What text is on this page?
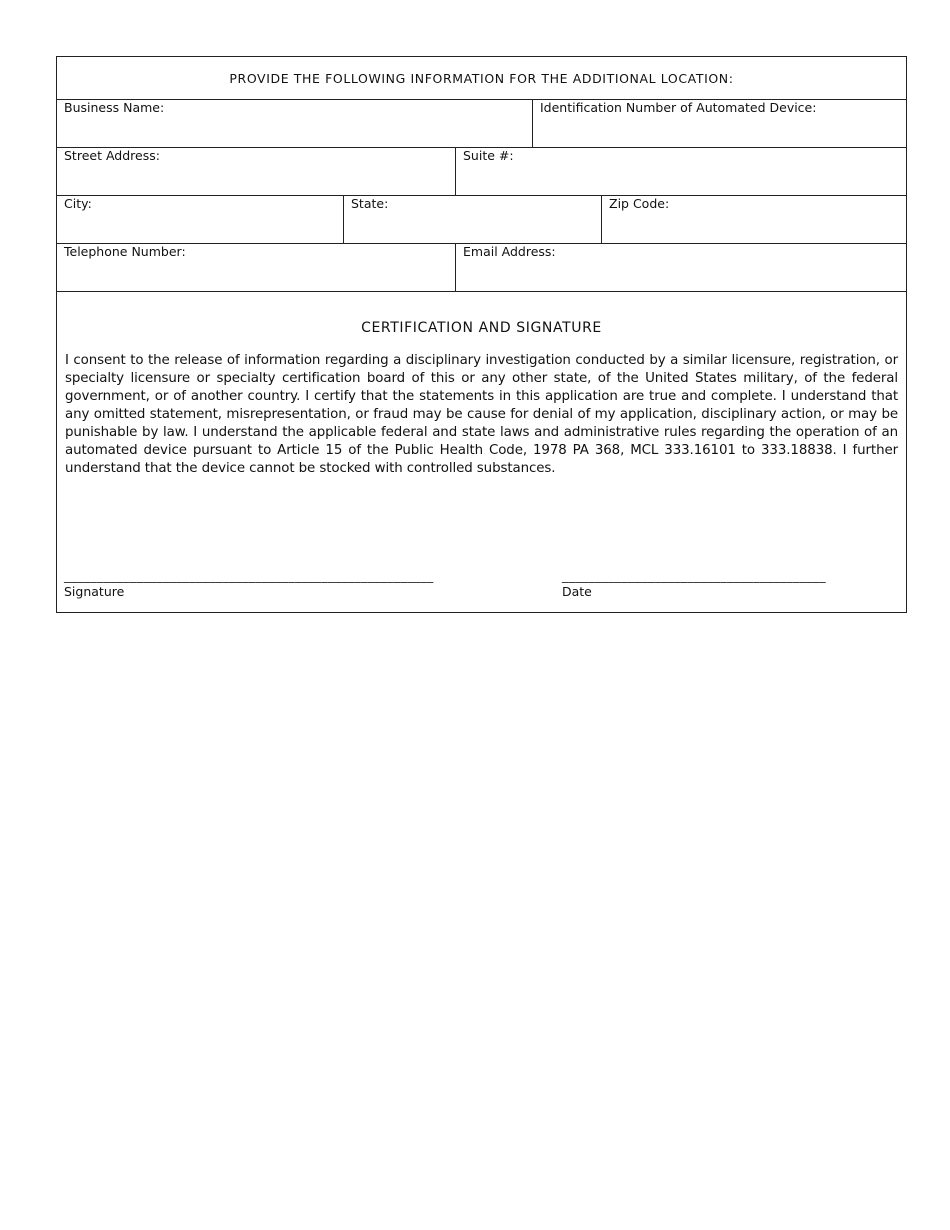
PROVIDE THE FOLLOWING INFORMATION FOR THE ADDITIONAL LOCATION:
Business Name:	Identification Number of Automated Device:
Street Address:	Suite #:
City:	State:	Zip Code:
Telephone Number:	Email Address:

CERTIFICATION AND SIGNATURE

I consent to the release of information regarding a disciplinary investigation conducted by a similar licensure, registration, or specialty licensure or specialty certification board of this or any other state, of the United States military, of the federal government, or of another country. I certify that the statements in this application are true and complete. I understand that any omitted statement, misrepresentation, or fraud may be cause for denial of my application, disciplinary action, or may be punishable by law. I understand the applicable federal and state laws and administrative rules regarding the operation of an automated device pursuant to Article 15 of the Public Health Code, 1978 PA 368, MCL 333.16101 to 333.18838. I further understand that the device cannot be stocked with controlled substances.

________________________________________________________
Signature
________________________________________
Date
